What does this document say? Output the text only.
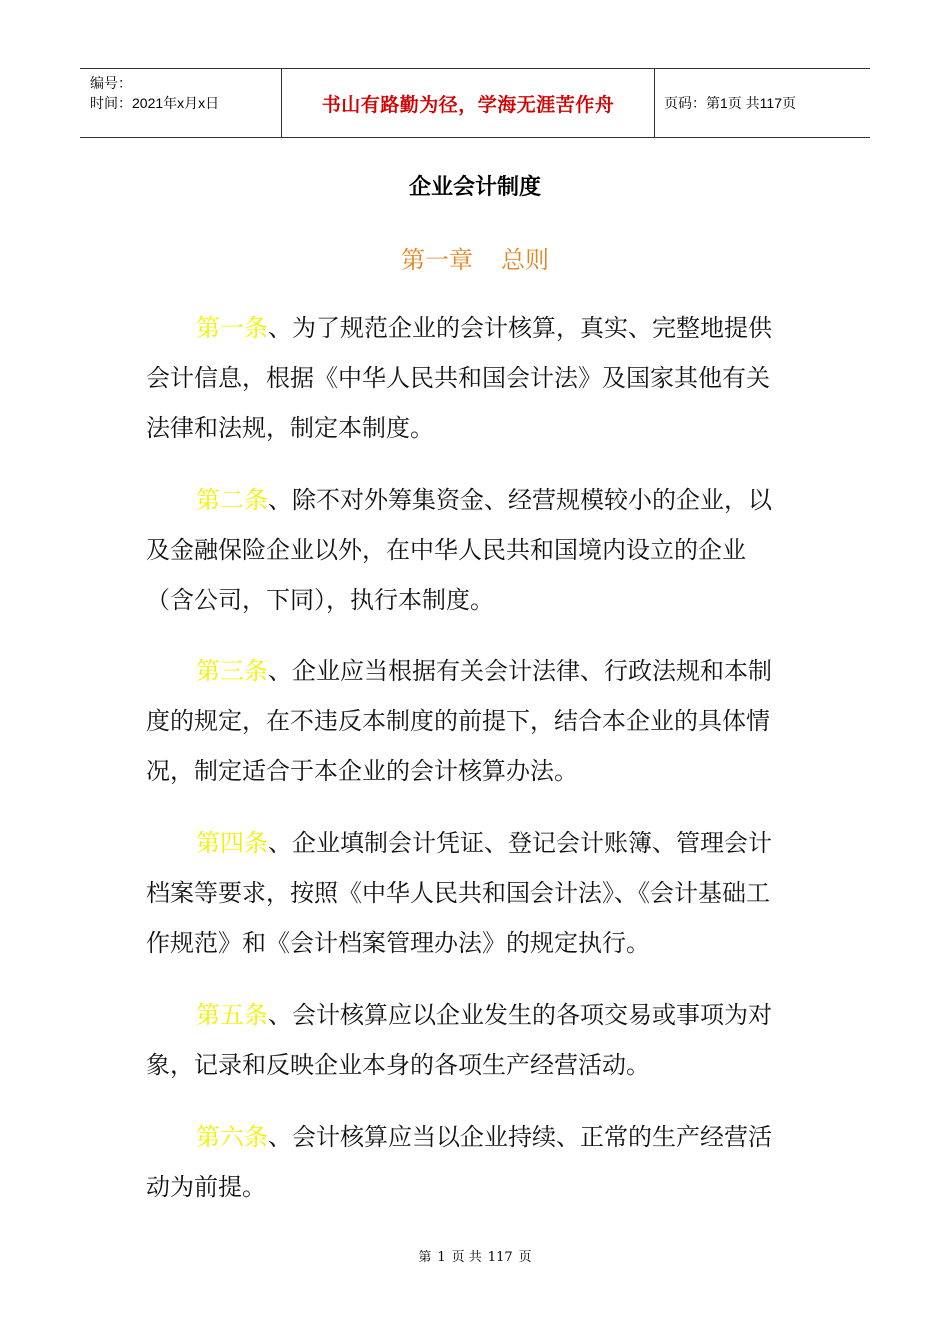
编号：
时间：2021年x月x日	书山有路勤为径，学海无涯苦作舟	页码：第1页 共117页
企业会计制度
第一章 总则

第一条、为了规范企业的会计核算，真实、完整地提供会计信息，根据《中华人民共和国会计法》及国家其他有关法律和法规，制定本制度。

第二条、除不对外筹集资金、经营规模较小的企业，以及金融保险企业以外，在中华人民共和国境内设立的企业（含公司，下同），执行本制度。

第三条、企业应当根据有关会计法律、行政法规和本制度的规定，在不违反本制度的前提下，结合本企业的具体情况，制定适合于本企业的会计核算办法。

第四条、企业填制会计凭证、登记会计账簿、管理会计档案等要求，按照《中华人民共和国会计法》、《会计基础工作规范》和《会计档案管理办法》的规定执行。

第五条、会计核算应以企业发生的各项交易或事项为对象，记录和反映企业本身的各项生产经营活动。

第六条、会计核算应当以企业持续、正常的生产经营活动为前提。

第 1 页 共 117 页
